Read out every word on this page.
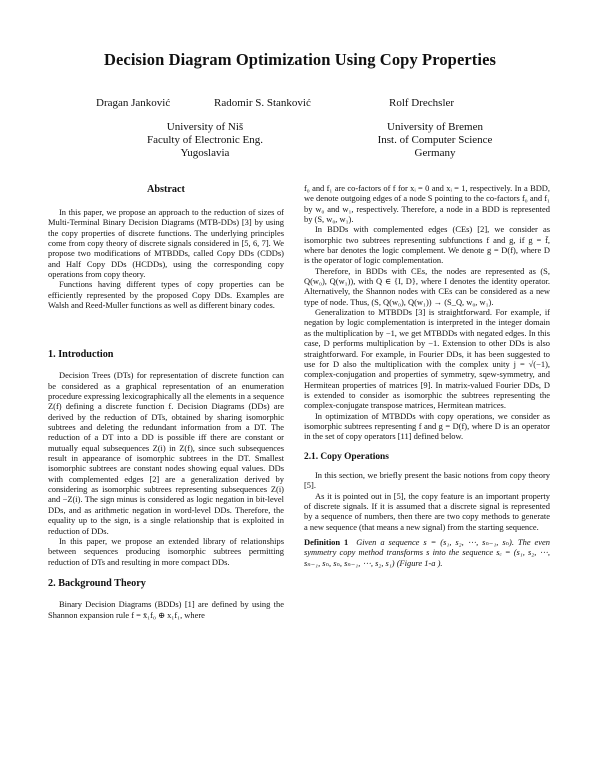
Decision Diagram Optimization Using Copy Properties
Dragan Janković	Radomir S. Stanković	Rolf Drechsler
University of Niš
Faculty of Electronic Eng.
Yugoslavia
University of Bremen
Inst. of Computer Science
Germany
Abstract

In this paper, we propose an approach to the reduction of sizes of Multi-Terminal Binary Decision Diagrams (MTB-DDs) [3] by using the copy properties of discrete functions. The underlying principles come from copy theory of discrete signals considered in [5, 6, 7]. We propose two modifications of MTBDDs, called Copy DDs (CDDs) and Half Copy DDs (HCDDs), using the corresponding copy operations from copy theory.

Functions having different types of copy properties can be efficiently represented by the proposed Copy DDs. Examples are Walsh and Reed-Muller functions as well as different binary codes.

1. Introduction

Decision Trees (DTs) for representation of discrete function can be considered as a graphical representation of an enumeration procedure expressing lexicographically all the elements in a sequence Z(f) defining a discrete function f. Decision Diagrams (DDs) are derived by the reduction of DTs, obtained by sharing isomorphic subtrees and deleting the redundant information from a DT. The reduction of a DT into a DD is possible iff there are constant or mutually equal subsequences Z(i) in Z(f), since such subsequences result in appearance of isomorphic subtrees in the DT. Smallest isomorphic subtrees are constant nodes showing equal values. DDs with complemented edges [2] are a generalization derived by considering as isomorphic subtrees representing subsequences Z(i) and −Z(i). The sign minus is considered as logic negation in bit-level DDs, and as arithmetic negation in word-level DDs. Therefore, the equality up to the sign, is a single relationship that is exploited in reduction of DDs.

In this paper, we propose an extended library of relationships between sequences producing isomorphic subtrees permitting reduction of DTs and resulting in more compact DDs.

2. Background Theory

Binary Decision Diagrams (BDDs) [1] are defined by using the Shannon expansion rule f = x̄₁f₀ ⊕ x₁f₁, where

f₀ and f₁ are co-factors of f for xᵢ = 0 and xᵢ = 1, respectively. In a BDD, we denote outgoing edges of a node S pointing to the co-factors f₀ and f₁ by w₀ and w₁, respectively. Therefore, a node in a BDD is represented by (S, w₀, w₁).

In BDDs with complemented edges (CEs) [2], we consider as isomorphic two subtrees representing subfunctions f and g, if g = f̄, where bar denotes the logic complement. We denote g = D(f), where D is the operator of logic complementation.

Therefore, in BDDs with CEs, the nodes are represented as (S, Q(w₀), Q(w₁)), with Q ∈ {I, D}, where I denotes the identity operator. Alternatively, the Shannon nodes with CEs can be considered as a new type of node. Thus, (S, Q(w₀), Q(w₁)) → (S_Q, w₀, w₁).

Generalization to MTBDDs [3] is straightforward. For example, if negation by logic complementation is interpreted in the integer domain as the multiplication by −1, we get MTBDDs with negated edges. In this case, D performs multiplication by −1. Extension to other DDs is also straightforward. For example, in Fourier DDs, it has been suggested to use for D also the multiplication with the complex unity j = √(−1), complex-conjugation and properties of symmetry, sqew-symmetry, and Hermitean properties of matrices [9]. In matrix-valued Fourier DDs, D is extended to consider as isomorphic the subtrees representing the complex-conjugate transpose matrices, Hermitean matrices.

In optimization of MTBDDs with copy operations, we consider as isomorphic subtrees representing f and g = D(f), where D is an operator in the set of copy operators [11] defined below.

2.1. Copy Operations

In this section, we briefly present the basic notions from copy theory [5].

As it is pointed out in [5], the copy feature is an important property of discrete signals. If it is assumed that a discrete signal is represented by a sequence of numbers, then there are two copy methods to generate a new sequence (that means a new signal) from the starting sequence.

Definition 1 Given a sequence s = (s₁, s₂, ⋯, sₙ₋₁, sₙ). The even symmetry copy method transforms s into the sequence sₑ = (s₁, s₂, ⋯, sₙ₋₁, sₙ, sₙ, sₙ₋₁, ⋯, s₂, s₁) (Figure 1-a ).
